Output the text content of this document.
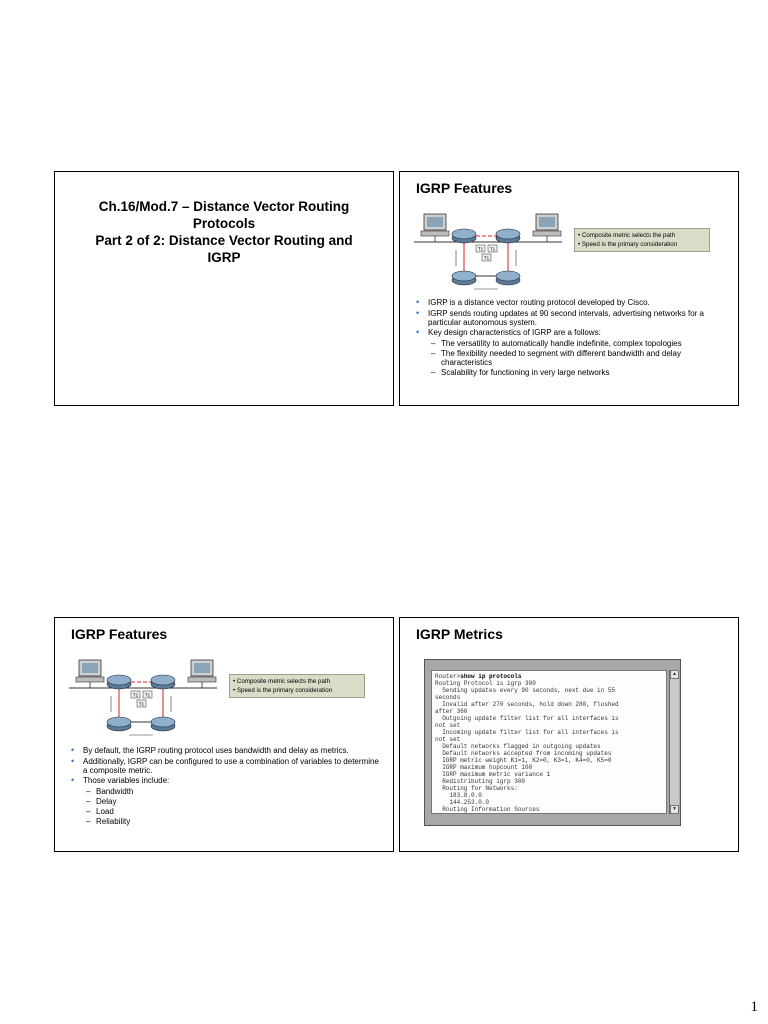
Ch.16/Mod.7 – Distance Vector Routing
Protocols
Part 2 of 2: Distance Vector Routing and
IGRP
IGRP Features
T1 T1
T1
• Composite metric selects the path
• Speed is the primary consideration
• IGRP is a distance vector routing protocol developed by Cisco.
• IGRP sends routing updates at 90 second intervals, advertising networks for a particular autonomous system.
• Key design characteristics of IGRP are a follows:
– The versatility to automatically handle indefinite, complex topologies
– The flexibility needed to segment with different bandwidth and delay characteristics
– Scalability for functioning in very large networks
IGRP Features
T1 T1
T1
• Composite metric selects the path
• Speed is the primary consideration
• By default, the IGRP routing protocol uses bandwidth and delay as metrics.
• Additionally, IGRP can be configured to use a combination of variables to determine a composite metric.
• Those variables include:
– Bandwidth
– Delay
– Load
– Reliability
IGRP Metrics
Router>show ip protocols
Routing Protocol is igrp 300
Sending updates every 90 seconds, next due in 55
seconds
Invalid after 270 seconds, hold down 280, flushed
after 360
Outgoing update filter list for all interfaces is
not set
Incoming update filter list for all interfaces is
not set
Default networks flagged in outgoing updates
Default networks accepted from incoming updates
IGRP metric weight K1=1, K2=0, K3=1, K4=0, K5=0
IGRP maximum hopcount 100
IGRP maximum metric variance 1
Redistributing igrp 300
Routing for Networks:
183.8.0.0
144.253.0.0
Routing Information Sources
▲
▼
1
